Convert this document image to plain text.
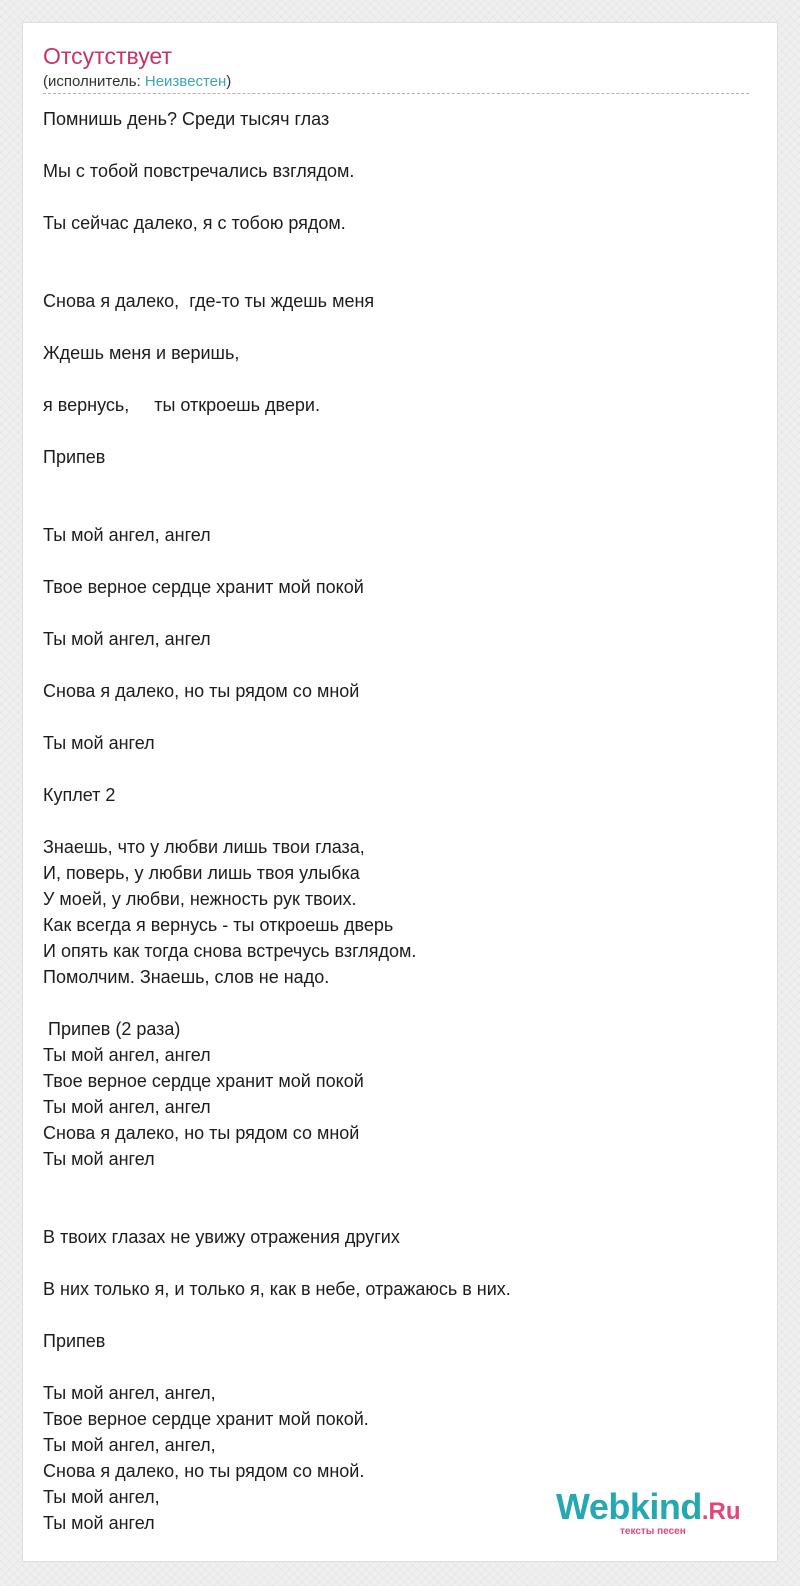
Отсутствует
(исполнитель: Неизвестен)
Помнишь день? Среди тысяч глаз
Мы с тобой повстречались взглядом.
Ты сейчас далеко, я с тобою рядом.
Снова я далеко,  где-то ты ждешь меня
Ждешь меня и веришь,
я вернусь,     ты откроешь двери.
Припев
Ты мой ангел, ангел
Твое верное сердце хранит мой покой
Ты мой ангел, ангел
Снова я далеко, но ты рядом со мной
Ты мой ангел
Куплет 2
Знаешь, что у любви лишь твои глаза,
И, поверь, у любви лишь твоя улыбка
У моей, у любви, нежность рук твоих.
Как всегда я вернусь - ты откроешь дверь
И опять как тогда снова встречусь взглядом.
Помолчим. Знаешь, слов не надо.
Припев (2 раза)
Ты мой ангел, ангел
Твое верное сердце хранит мой покой
Ты мой ангел, ангел
Снова я далеко, но ты рядом со мной
Ты мой ангел
В твоих глазах не увижу отражения других
В них только я, и только я, как в небе, отражаюсь в них.
Припев
Ты мой ангел, ангел,
Твое верное сердце хранит мой покой.
Ты мой ангел, ангел,
Снова я далеко, но ты рядом со мной.
Ты мой ангел,
Ты мой ангел	Webkind.Ru
тексты песен
